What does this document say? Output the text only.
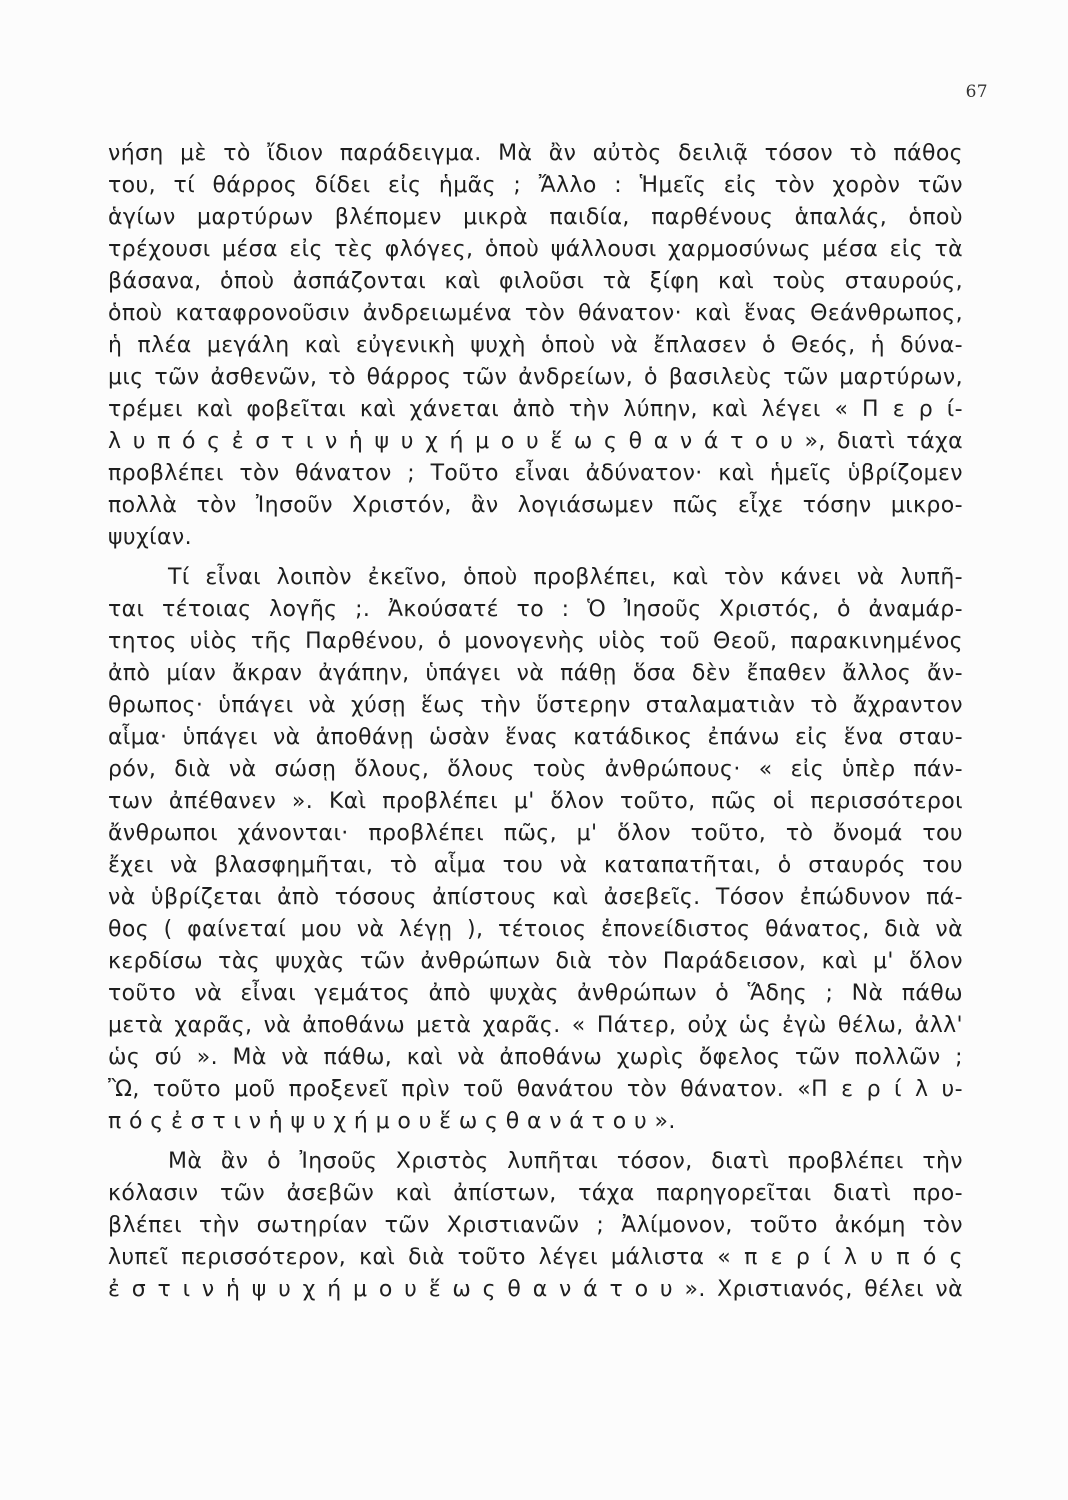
67
νήση μὲ τὸ ἴδιον παράδειγμα. Μὰ ἂν αὐτὸς δειλιᾷ τόσον τὸ πάθος
του, τί θάρρος δίδει εἰς ἡμᾶς ; Ἄλλο : Ἡμεῖς εἰς τὸν χορὸν τῶν
ἁγίων μαρτύρων βλέπομεν μικρὰ παιδία, παρθένους ἁπαλάς, ὁποὺ
τρέχουσι μέσα εἰς τὲς φλόγες, ὁποὺ ψάλλουσι χαρμοσύνως μέσα εἰς τὰ
βάσανα, ὁποὺ ἀσπάζονται καὶ φιλοῦσι τὰ ξίφη καὶ τοὺς σταυρούς,
ὁποὺ καταφρονοῦσιν ἀνδρειωμένα τὸν θάνατον· καὶ ἕνας Θεάνθρωπος,
ἡ πλέα μεγάλη καὶ εὐγενικὴ ψυχὴ ὁποὺ νὰ ἔπλασεν ὁ Θεός, ἡ δύνα-
μις τῶν ἀσθενῶν, τὸ θάρρος τῶν ἀνδρείων, ὁ βασιλεὺς τῶν μαρτύρων,
τρέμει καὶ φοβεῖται καὶ χάνεται ἀπὸ τὴν λύπην, καὶ λέγει « Π ε ρ ί-
λ υ π ό ς ἐ σ τ ι ν ἡ ψ υ χ ή μ ο υ ἕ ω ς θ α ν ά τ ο υ », διατὶ τάχα
προβλέπει τὸν θάνατον ; Τοῦτο εἶναι ἀδύνατον· καὶ ἡμεῖς ὑβρίζομεν
πολλὰ τὸν Ἰησοῦν Χριστόν, ἂν λογιάσωμεν πῶς εἶχε τόσην μικρο-
ψυχίαν.
Τί εἶναι λοιπὸν ἐκεῖνο, ὁποὺ προβλέπει, καὶ τὸν κάνει νὰ λυπῆ-
ται τέτοιας λογῆς ;. Ἀκούσατέ το : Ὁ Ἰησοῦς Χριστός, ὁ ἀναμάρ-
τητος υἱὸς τῆς Παρθένου, ὁ μονογενὴς υἱὸς τοῦ Θεοῦ, παρακινημένος
ἀπὸ μίαν ἄκραν ἀγάπην, ὑπάγει νὰ πάθῃ ὅσα δὲν ἔπαθεν ἄλλος ἄν-
θρωπος· ὑπάγει νὰ χύσῃ ἕως τὴν ὕστερην σταλαματιὰν τὸ ἄχραντον
αἷμα· ὑπάγει νὰ ἀποθάνῃ ὡσὰν ἕνας κατάδικος ἐπάνω εἰς ἕνα σταυ-
ρόν, διὰ νὰ σώσῃ ὅλους, ὅλους τοὺς ἀνθρώπους· « εἰς ὑπὲρ πάν-
των ἀπέθανεν ». Καὶ προβλέπει μ' ὅλον τοῦτο, πῶς οἱ περισσότεροι
ἄνθρωποι χάνονται· προβλέπει πῶς, μ' ὅλον τοῦτο, τὸ ὄνομά του
ἔχει νὰ βλασφημῆται, τὸ αἷμα του νὰ καταπατῆται, ὁ σταυρός του
νὰ ὑβρίζεται ἀπὸ τόσους ἀπίστους καὶ ἀσεβεῖς. Τόσον ἐπώδυνον πά-
θος ( φαίνεταί μου νὰ λέγῃ ), τέτοιος ἐπονείδιστος θάνατος, διὰ νὰ
κερδίσω τὰς ψυχὰς τῶν ἀνθρώπων διὰ τὸν Παράδεισον, καὶ μ' ὅλον
τοῦτο νὰ εἶναι γεμάτος ἀπὸ ψυχὰς ἀνθρώπων ὁ Ἅδης ; Νὰ πάθω
μετὰ χαρᾶς, νὰ ἀποθάνω μετὰ χαρᾶς. « Πάτερ, οὐχ ὡς ἐγὼ θέλω, ἀλλ'
ὡς σύ ». Μὰ νὰ πάθω, καὶ νὰ ἀποθάνω χωρὶς ὄφελος τῶν πολλῶν ;
Ὢ, τοῦτο μοῦ προξενεῖ πρὶν τοῦ θανάτου τὸν θάνατον. «Π ε ρ ί λ υ-
π ό ς ἐ σ τ ι ν ἡ ψ υ χ ή μ ο υ ἕ ω ς θ α ν ά τ ο υ ».
Μὰ ἂν ὁ Ἰησοῦς Χριστὸς λυπῆται τόσον, διατὶ προβλέπει τὴν
κόλασιν τῶν ἀσεβῶν καὶ ἀπίστων, τάχα παρηγορεῖται διατὶ προ-
βλέπει τὴν σωτηρίαν τῶν Χριστιανῶν ; Ἀλίμονον, τοῦτο ἀκόμη τὸν
λυπεῖ περισσότερον, καὶ διὰ τοῦτο λέγει μάλιστα « π ε ρ ί λ υ π ό ς
ἐ σ τ ι ν ἡ ψ υ χ ή μ ο υ ἕ ω ς θ α ν ά τ ο υ ». Χριστιανός, θέλει νὰ
